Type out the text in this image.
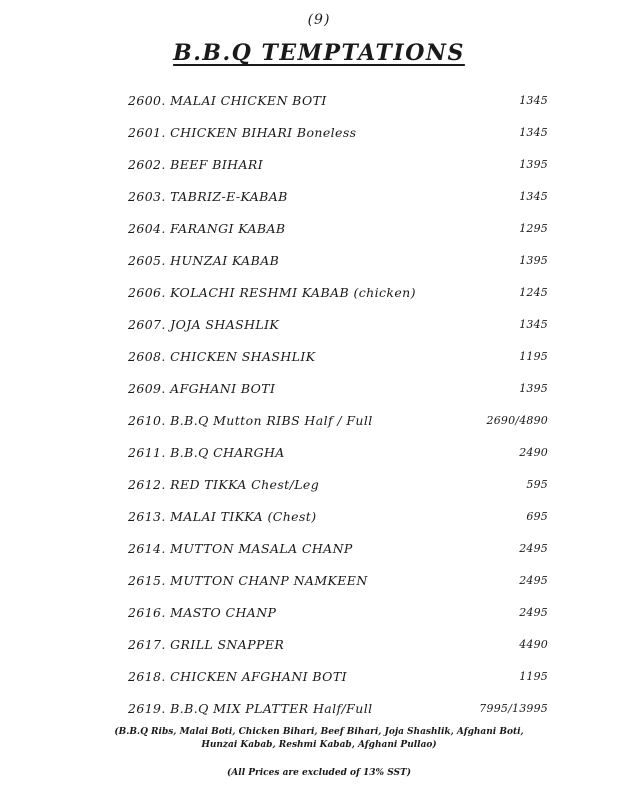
(9)
B.B.Q TEMPTATIONS
2600. MALAI CHICKEN BOTI	1345
2601. CHICKEN BIHARI Boneless	1345
2602. BEEF BIHARI	1395
2603. TABRIZ-E-KABAB	1345
2604. FARANGI KABAB	1295
2605. HUNZAI KABAB	1395
2606. KOLACHI RESHMI KABAB (chicken)	1245
2607. JOJA SHASHLIK	1345
2608. CHICKEN SHASHLIK	1195
2609. AFGHANI BOTI	1395
2610. B.B.Q Mutton RIBS Half / Full	2690/4890
2611. B.B.Q CHARGHA	2490
2612. RED TIKKA Chest/Leg	595
2613. MALAI TIKKA (Chest)	695
2614. MUTTON MASALA CHANP	2495
2615. MUTTON CHANP NAMKEEN	2495
2616. MASTO CHANP	2495
2617. GRILL SNAPPER	4490
2618. CHICKEN AFGHANI BOTI	1195
2619. B.B.Q MIX PLATTER Half/Full	7995/13995
(B.B.Q Ribs, Malai Boti, Chicken Bihari, Beef Bihari, Joja Shashlik, Afghani Boti,
Hunzai Kabab, Reshmi Kabab, Afghani Pullao)
(All Prices are excluded of 13% SST)
